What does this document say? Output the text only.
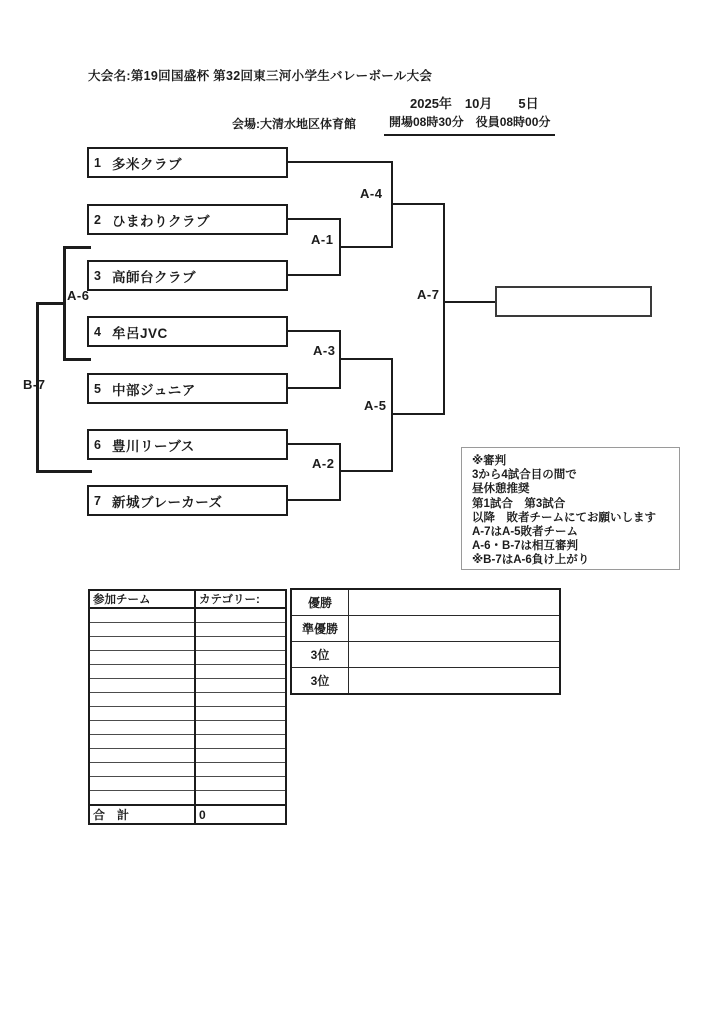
大会名:第19回国盛杯 第32回東三河小学生バレーボール大会
2025年　10月　　5日
会場:大清水地区体育館	開場08時30分　役員08時00分
1 多米クラブ
2 ひまわりクラブ
3 高師台クラブ
4 牟呂JVC
5 中部ジュニア
6 豊川リーブス
7 新城ブレーカーズ
A-1
A-2
A-3
A-4
A-5
A-6	A-7
B-7
※審判
3から4試合目の間で
昼休憩推奨
第1試合　第3試合
以降　敗者チームにてお願いします
A-7はA-5敗者チーム
A-6・B-7は相互審判
※B-7はA-6負け上がり
参加チーム	カテゴリー:

合　計	0
優勝	
準優勝	
3位	
3位	
